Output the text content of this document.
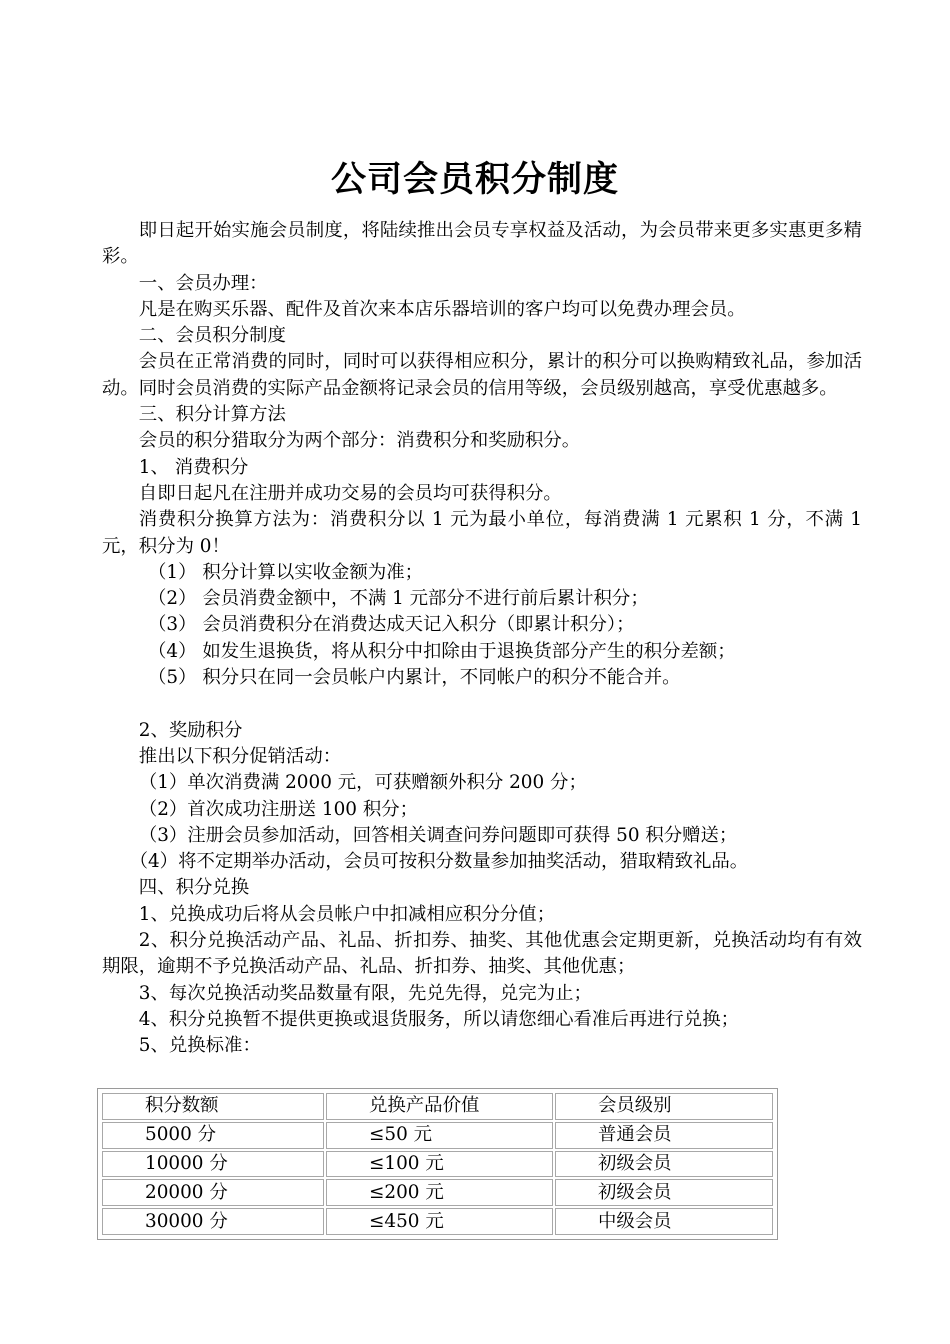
公司会员积分制度

即日起开始实施会员制度，将陆续推出会员专享权益及活动，为会员带来更多实惠更多精彩。

一、会员办理：

凡是在购买乐器、配件及首次来本店乐器培训的客户均可以免费办理会员。

二、会员积分制度

会员在正常消费的同时，同时可以获得相应积分，累计的积分可以换购精致礼品，参加活动。同时会员消费的实际产品金额将记录会员的信用等级，会员级别越高，享受优惠越多。

三、积分计算方法

会员的积分猎取分为两个部分：消费积分和奖励积分。

1、 消费积分

自即日起凡在注册并成功交易的会员均可获得积分。

消费积分换算方法为：消费积分以 1 元为最小单位，每消费满 1 元累积 1 分，不满 1 元，积分为 0！

（1） 积分计算以实收金额为准；

（2） 会员消费金额中，不满 1 元部分不进行前后累计积分；

（3） 会员消费积分在消费达成天记入积分（即累计积分）；

（4） 如发生退换货，将从积分中扣除由于退换货部分产生的积分差额；

（5） 积分只在同一会员帐户内累计，不同帐户的积分不能合并。

2、奖励积分

推出以下积分促销活动：

（1）单次消费满 2000 元，可获赠额外积分 200 分；

（2）首次成功注册送 100 积分；

（3）注册会员参加活动，回答相关调查问券问题即可获得 50 积分赠送；

（4）将不定期举办活动，会员可按积分数量参加抽奖活动，猎取精致礼品。

四、积分兑换

1、兑换成功后将从会员帐户中扣减相应积分分值；

2、积分兑换活动产品、礼品、折扣券、抽奖、其他优惠会定期更新，兑换活动均有有效期限，逾期不予兑换活动产品、礼品、折扣券、抽奖、其他优惠；

3、每次兑换活动奖品数量有限，先兑先得，兑完为止；

4、积分兑换暂不提供更换或退货服务，所以请您细心看准后再进行兑换；

5、兑换标准：

积分数额	兑换产品价值	会员级别
5000 分	≤50 元	普通会员
10000 分	≤100 元	初级会员
20000 分	≤200 元	初级会员
30000 分	≤450 元	中级会员
